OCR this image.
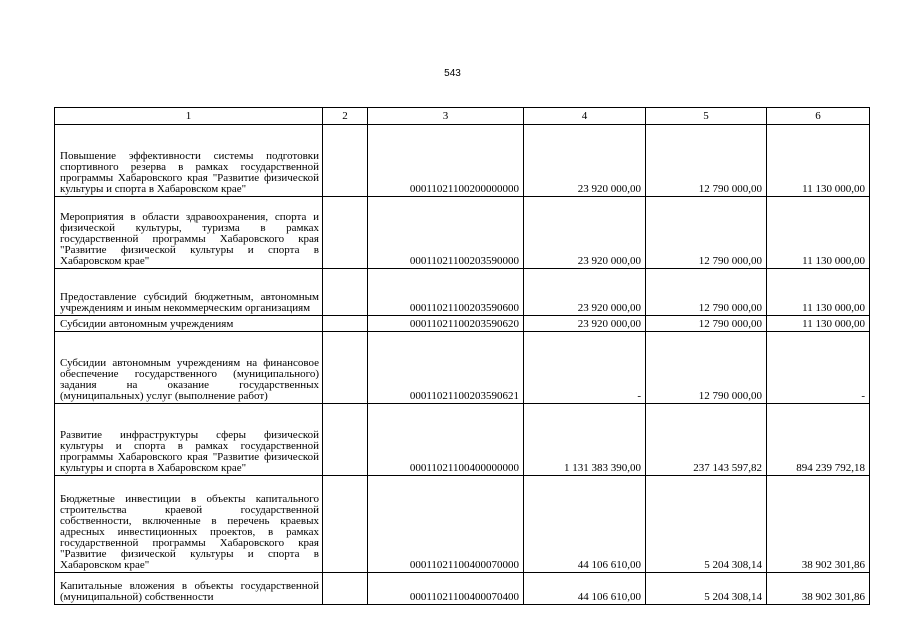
543
1	2	3	4	5	6
Повышение эффективности системы подготовки спортивного резерва в рамках государственной программы Хабаровского края "Развитие физической культуры и спорта в Хабаровском крае"		00011021100200000000	23 920 000,00	12 790 000,00	11 130 000,00
Мероприятия в области здравоохранения, спорта и физической культуры, туризма в рамках государственной программы Хабаровского края "Развитие физической культуры и спорта в Хабаровском крае"		00011021100203590000	23 920 000,00	12 790 000,00	11 130 000,00
Предоставление субсидий бюджетным, автономным учреждениям и иным некоммерческим организациям		00011021100203590600	23 920 000,00	12 790 000,00	11 130 000,00
Субсидии автономным учреждениям		00011021100203590620	23 920 000,00	12 790 000,00	11 130 000,00
Субсидии автономным учреждениям на финансовое обеспечение государственного (муниципального) задания на оказание государственных (муниципальных) услуг (выполнение работ)		00011021100203590621	-	12 790 000,00	-
Развитие инфраструктуры сферы физической культуры и спорта в рамках государственной программы Хабаровского края "Развитие физической культуры и спорта в Хабаровском крае"		00011021100400000000	1 131 383 390,00	237 143 597,82	894 239 792,18
Бюджетные инвестиции в объекты капитального строительства краевой государственной собственности, включенные в перечень краевых адресных инвестиционных проектов, в рамках государственной программы Хабаровского края "Развитие физической культуры и спорта в Хабаровском крае"		00011021100400070000	44 106 610,00	5 204 308,14	38 902 301,86
Капитальные вложения в объекты государственной (муниципальной) собственности		00011021100400070400	44 106 610,00	5 204 308,14	38 902 301,86
